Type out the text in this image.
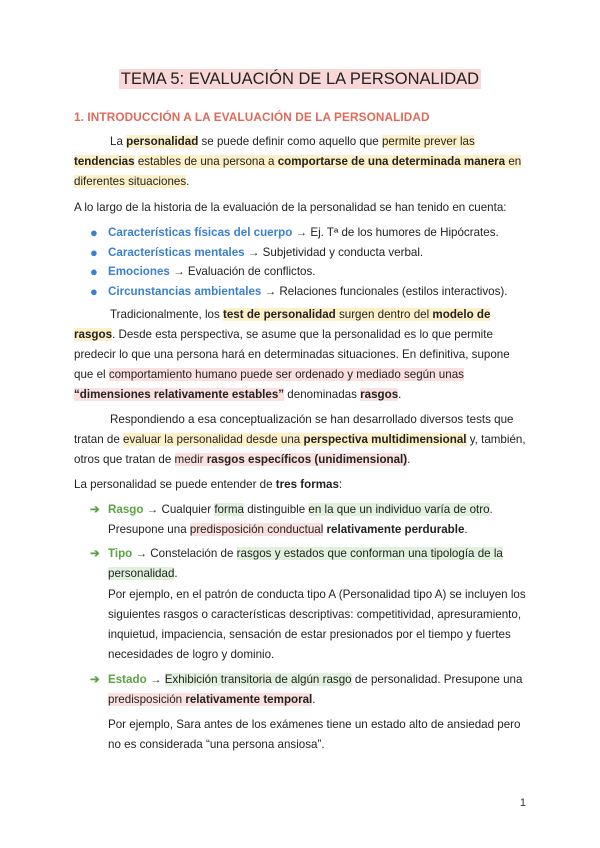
TEMA 5: EVALUACIÓN DE LA PERSONALIDAD
1. INTRODUCCIÓN A LA EVALUACIÓN DE LA PERSONALIDAD

La personalidad se puede definir como aquello que permite prever las tendencias estables de una persona a comportarse de una determinada manera en diferentes situaciones.

A lo largo de la historia de la evaluación de la personalidad se han tenido en cuenta:
● Características físicas del cuerpo → Ej. Tª de los humores de Hipócrates.
● Características mentales → Subjetividad y conducta verbal.
● Emociones → Evaluación de conflictos.
● Circunstancias ambientales → Relaciones funcionales (estilos interactivos).

Tradicionalmente, los test de personalidad surgen dentro del modelo de rasgos. Desde esta perspectiva, se asume que la personalidad es lo que permite predecir lo que una persona hará en determinadas situaciones. En definitiva, supone que el comportamiento humano puede ser ordenado y mediado según unas “dimensiones relativamente estables” denominadas rasgos.

Respondiendo a esa conceptualización se han desarrollado diversos tests que tratan de evaluar la personalidad desde una perspectiva multidimensional y, también, otros que tratan de medir rasgos específicos (unidimensional).

La personalidad se puede entender de tres formas:
➔ Rasgo → Cualquier forma distinguible en la que un individuo varía de otro. Presupone una predisposición conductual relativamente perdurable.
➔ Tipo → Constelación de rasgos y estados que conforman una tipología de la personalidad.
Por ejemplo, en el patrón de conducta tipo A (Personalidad tipo A) se incluyen los siguientes rasgos o características descriptivas: competitividad, apresuramiento, inquietud, impaciencia, sensación de estar presionados por el tiempo y fuertes necesidades de logro y dominio.
➔ Estado → Exhibición transitoria de algún rasgo de personalidad. Presupone una predisposición relativamente temporal.
Por ejemplo, Sara antes de los exámenes tiene un estado alto de ansiedad pero no es considerada “una persona ansiosa”.
1
